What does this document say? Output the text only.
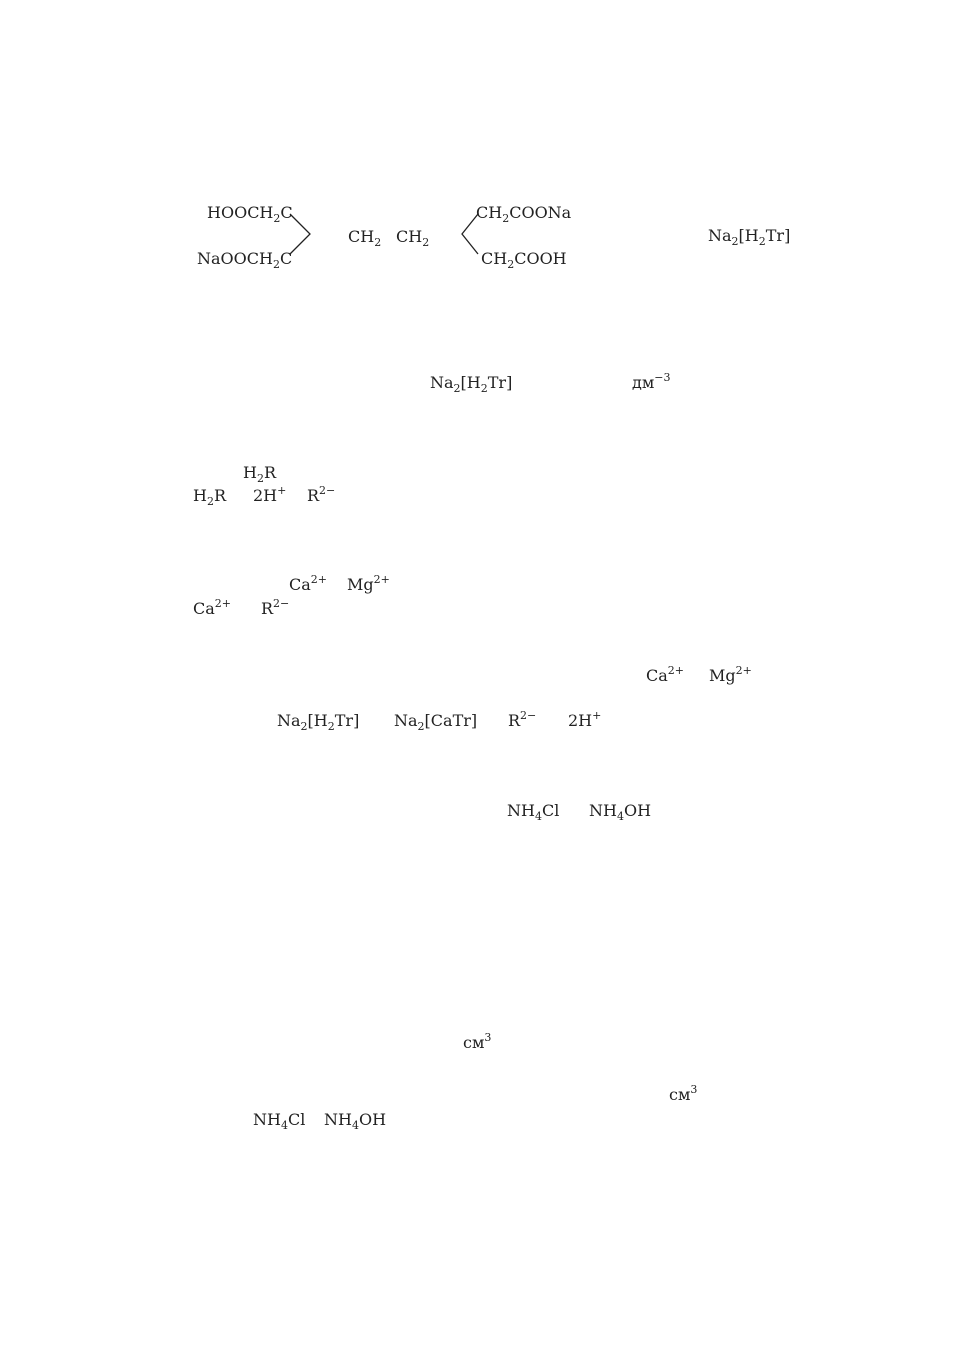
$HOOCH_2C$
NaOOCH$_2$C
$CH_2$ $CH_2$
$CH_2COONa$
$CH_2COOH$
$Na_2[H_2Tr]$
$Na_2[H_2Tr]$	$дм^{-3}$
$H_2R$
$H_2R$ 2H+ $R^{2-}$
$Ca^{2+}$ $Mg^{2+}$
$Ca^{2+}$ $R^{2-}$
$Ca^{2+}$ $Mg^{2+}$
$Na_2[H_2Tr]$ $Na_2[CaTr]$ $R^{2-}$ 2H+
$NH_4Cl$ $NH_4OH$
$см^3$
$см^3$
$NH_4Cl$ $NH_4OH$
